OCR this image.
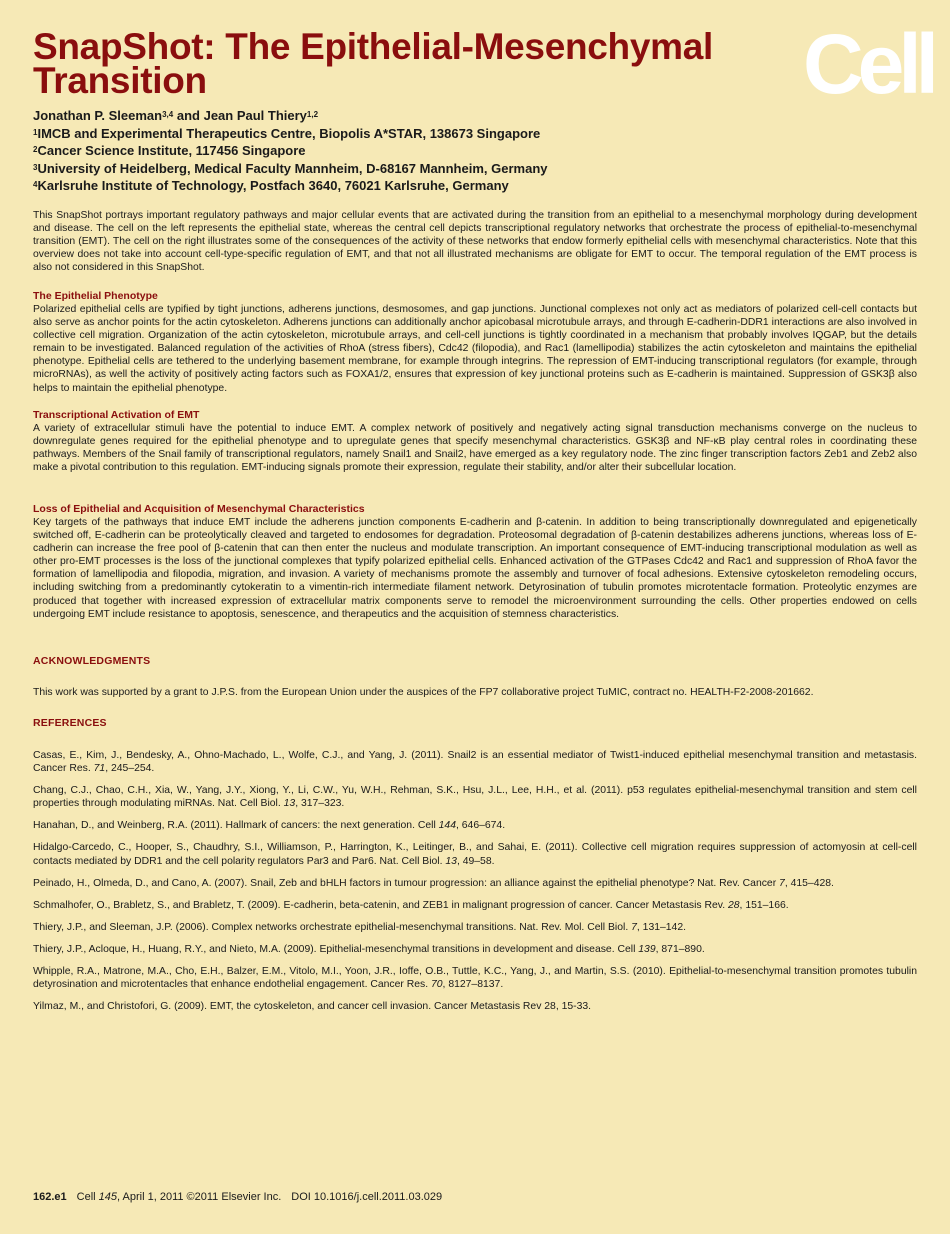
SnapShot: The Epithelial-Mesenchymal Transition	Cell

Jonathan P. Sleeman$^{3,4}$ and Jean Paul Thiery$^{1,2}$

$^1$IMCB and Experimental Therapeutics Centre, Biopolis A*STAR, 138673 Singapore

$^2$Cancer Science Institute, 117456 Singapore

$^3$University of Heidelberg, Medical Faculty Mannheim, D-68167 Mannheim, Germany

$^4$Karlsruhe Institute of Technology, Postfach 3640, 76021 Karlsruhe, Germany

This SnapShot portrays important regulatory pathways and major cellular events that are activated during the transition from an epithelial to a mesenchymal morphology during development and disease. The cell on the left represents the epithelial state, whereas the central cell depicts transcriptional regulatory networks that orchestrate the process of epithelial-to-mesenchymal transition (EMT). The cell on the right illustrates some of the consequences of the activity of these networks that endow formerly epithelial cells with mesenchymal characteristics. Note that this overview does not take into account cell-type-specific regulation of EMT, and that not all illustrated mechanisms are obligate for EMT to occur. The temporal regulation of the EMT process is also not considered in this SnapShot.

The Epithelial Phenotype

Polarized epithelial cells are typified by tight junctions, adherens junctions, desmosomes, and gap junctions. Junctional complexes not only act as mediators of polarized cell-cell contacts but also serve as anchor points for the actin cytoskeleton. Adherens junctions can additionally anchor apicobasal microtubule arrays, and through E-cadherin-DDR1 interactions are also involved in collective cell migration. Organization of the actin cytoskeleton, microtubule arrays, and cell-cell junctions is tightly coordinated in a mechanism that probably involves IQGAP, but the details remain to be investigated. Balanced regulation of the activities of RhoA (stress fibers), Cdc42 (filopodia), and Rac1 (lamellipodia) stabilizes the actin cytoskeleton and maintains the epithelial phenotype. Epithelial cells are tethered to the underlying basement membrane, for example through integrins. The repression of EMT-inducing transcriptional regulators (for example, through microRNAs), as well the activity of positively acting factors such as FOXA1/2, ensures that expression of key junctional proteins such as E-cadherin is maintained. Suppression of GSK3β also helps to maintain the epithelial phenotype.

Transcriptional Activation of EMT

A variety of extracellular stimuli have the potential to induce EMT. A complex network of positively and negatively acting signal transduction mechanisms converge on the nucleus to downregulate genes required for the epithelial phenotype and to upregulate genes that specify mesenchymal characteristics. GSK3β and NF-κB play central roles in coordinating these pathways. Members of the Snail family of transcriptional regulators, namely Snail1 and Snail2, have emerged as a key regulatory node. The zinc finger transcription factors Zeb1 and Zeb2 also make a pivotal contribution to this regulation. EMT-inducing signals promote their expression, regulate their stability, and/or alter their subcellular location.

Loss of Epithelial and Acquisition of Mesenchymal Characteristics

Key targets of the pathways that induce EMT include the adherens junction components E-cadherin and β-catenin. In addition to being transcriptionally downregulated and epigenetically switched off, E-cadherin can be proteolytically cleaved and targeted to endosomes for degradation. Proteosomal degradation of β-catenin destabilizes adherens junctions, whereas loss of E-cadherin can increase the free pool of β-catenin that can then enter the nucleus and modulate transcription. An important consequence of EMT-inducing transcriptional modulation as well as other pro-EMT processes is the loss of the junctional complexes that typify polarized epithelial cells. Enhanced activation of the GTPases Cdc42 and Rac1 and suppression of RhoA favor the formation of lamellipodia and filopodia, migration, and invasion. A variety of mechanisms promote the assembly and turnover of focal adhesions. Extensive cytoskeleton remodeling occurs, including switching from a predominantly cytokeratin to a vimentin-rich intermediate filament network. Detyrosination of tubulin promotes microtentacle formation. Proteolytic enzymes are produced that together with increased expression of extracellular matrix components serve to remodel the microenvironment surrounding the cells. Other properties endowed on cells undergoing EMT include resistance to apoptosis, senescence, and therapeutics and the acquisition of stemness characteristics.

ACKNOWLEDGMENTS

This work was supported by a grant to J.P.S. from the European Union under the auspices of the FP7 collaborative project TuMIC, contract no. HEALTH-F2-2008-201662.

REFERENCES

Casas, E., Kim, J., Bendesky, A., Ohno-Machado, L., Wolfe, C.J., and Yang, J. (2011). Snail2 is an essential mediator of Twist1-induced epithelial mesenchymal transition and metastasis. Cancer Res. 71, 245–254.

Chang, C.J., Chao, C.H., Xia, W., Yang, J.Y., Xiong, Y., Li, C.W., Yu, W.H., Rehman, S.K., Hsu, J.L., Lee, H.H., et al. (2011). p53 regulates epithelial-mesenchymal transition and stem cell properties through modulating miRNAs. Nat. Cell Biol. 13, 317–323.

Hanahan, D., and Weinberg, R.A. (2011). Hallmark of cancers: the next generation. Cell 144, 646–674.

Hidalgo-Carcedo, C., Hooper, S., Chaudhry, S.I., Williamson, P., Harrington, K., Leitinger, B., and Sahai, E. (2011). Collective cell migration requires suppression of actomyosin at cell-cell contacts mediated by DDR1 and the cell polarity regulators Par3 and Par6. Nat. Cell Biol. 13, 49–58.

Peinado, H., Olmeda, D., and Cano, A. (2007). Snail, Zeb and bHLH factors in tumour progression: an alliance against the epithelial phenotype? Nat. Rev. Cancer 7, 415–428.

Schmalhofer, O., Brabletz, S., and Brabletz, T. (2009). E-cadherin, beta-catenin, and ZEB1 in malignant progression of cancer. Cancer Metastasis Rev. 28, 151–166.

Thiery, J.P., and Sleeman, J.P. (2006). Complex networks orchestrate epithelial-mesenchymal transitions. Nat. Rev. Mol. Cell Biol. 7, 131–142.

Thiery, J.P., Acloque, H., Huang, R.Y., and Nieto, M.A. (2009). Epithelial-mesenchymal transitions in development and disease. Cell 139, 871–890.

Whipple, R.A., Matrone, M.A., Cho, E.H., Balzer, E.M., Vitolo, M.I., Yoon, J.R., Ioffe, O.B., Tuttle, K.C., Yang, J., and Martin, S.S. (2010). Epithelial-to-mesenchymal transition promotes tubulin detyrosination and microtentacles that enhance endothelial engagement. Cancer Res. 70, 8127–8137.

Yilmaz, M., and Christofori, G. (2009). EMT, the cytoskeleton, and cancer cell invasion. Cancer Metastasis Rev 28, 15-33.

162.e1 Cell 145, April 1, 2011 ©2011 Elsevier Inc. DOI 10.1016/j.cell.2011.03.029
